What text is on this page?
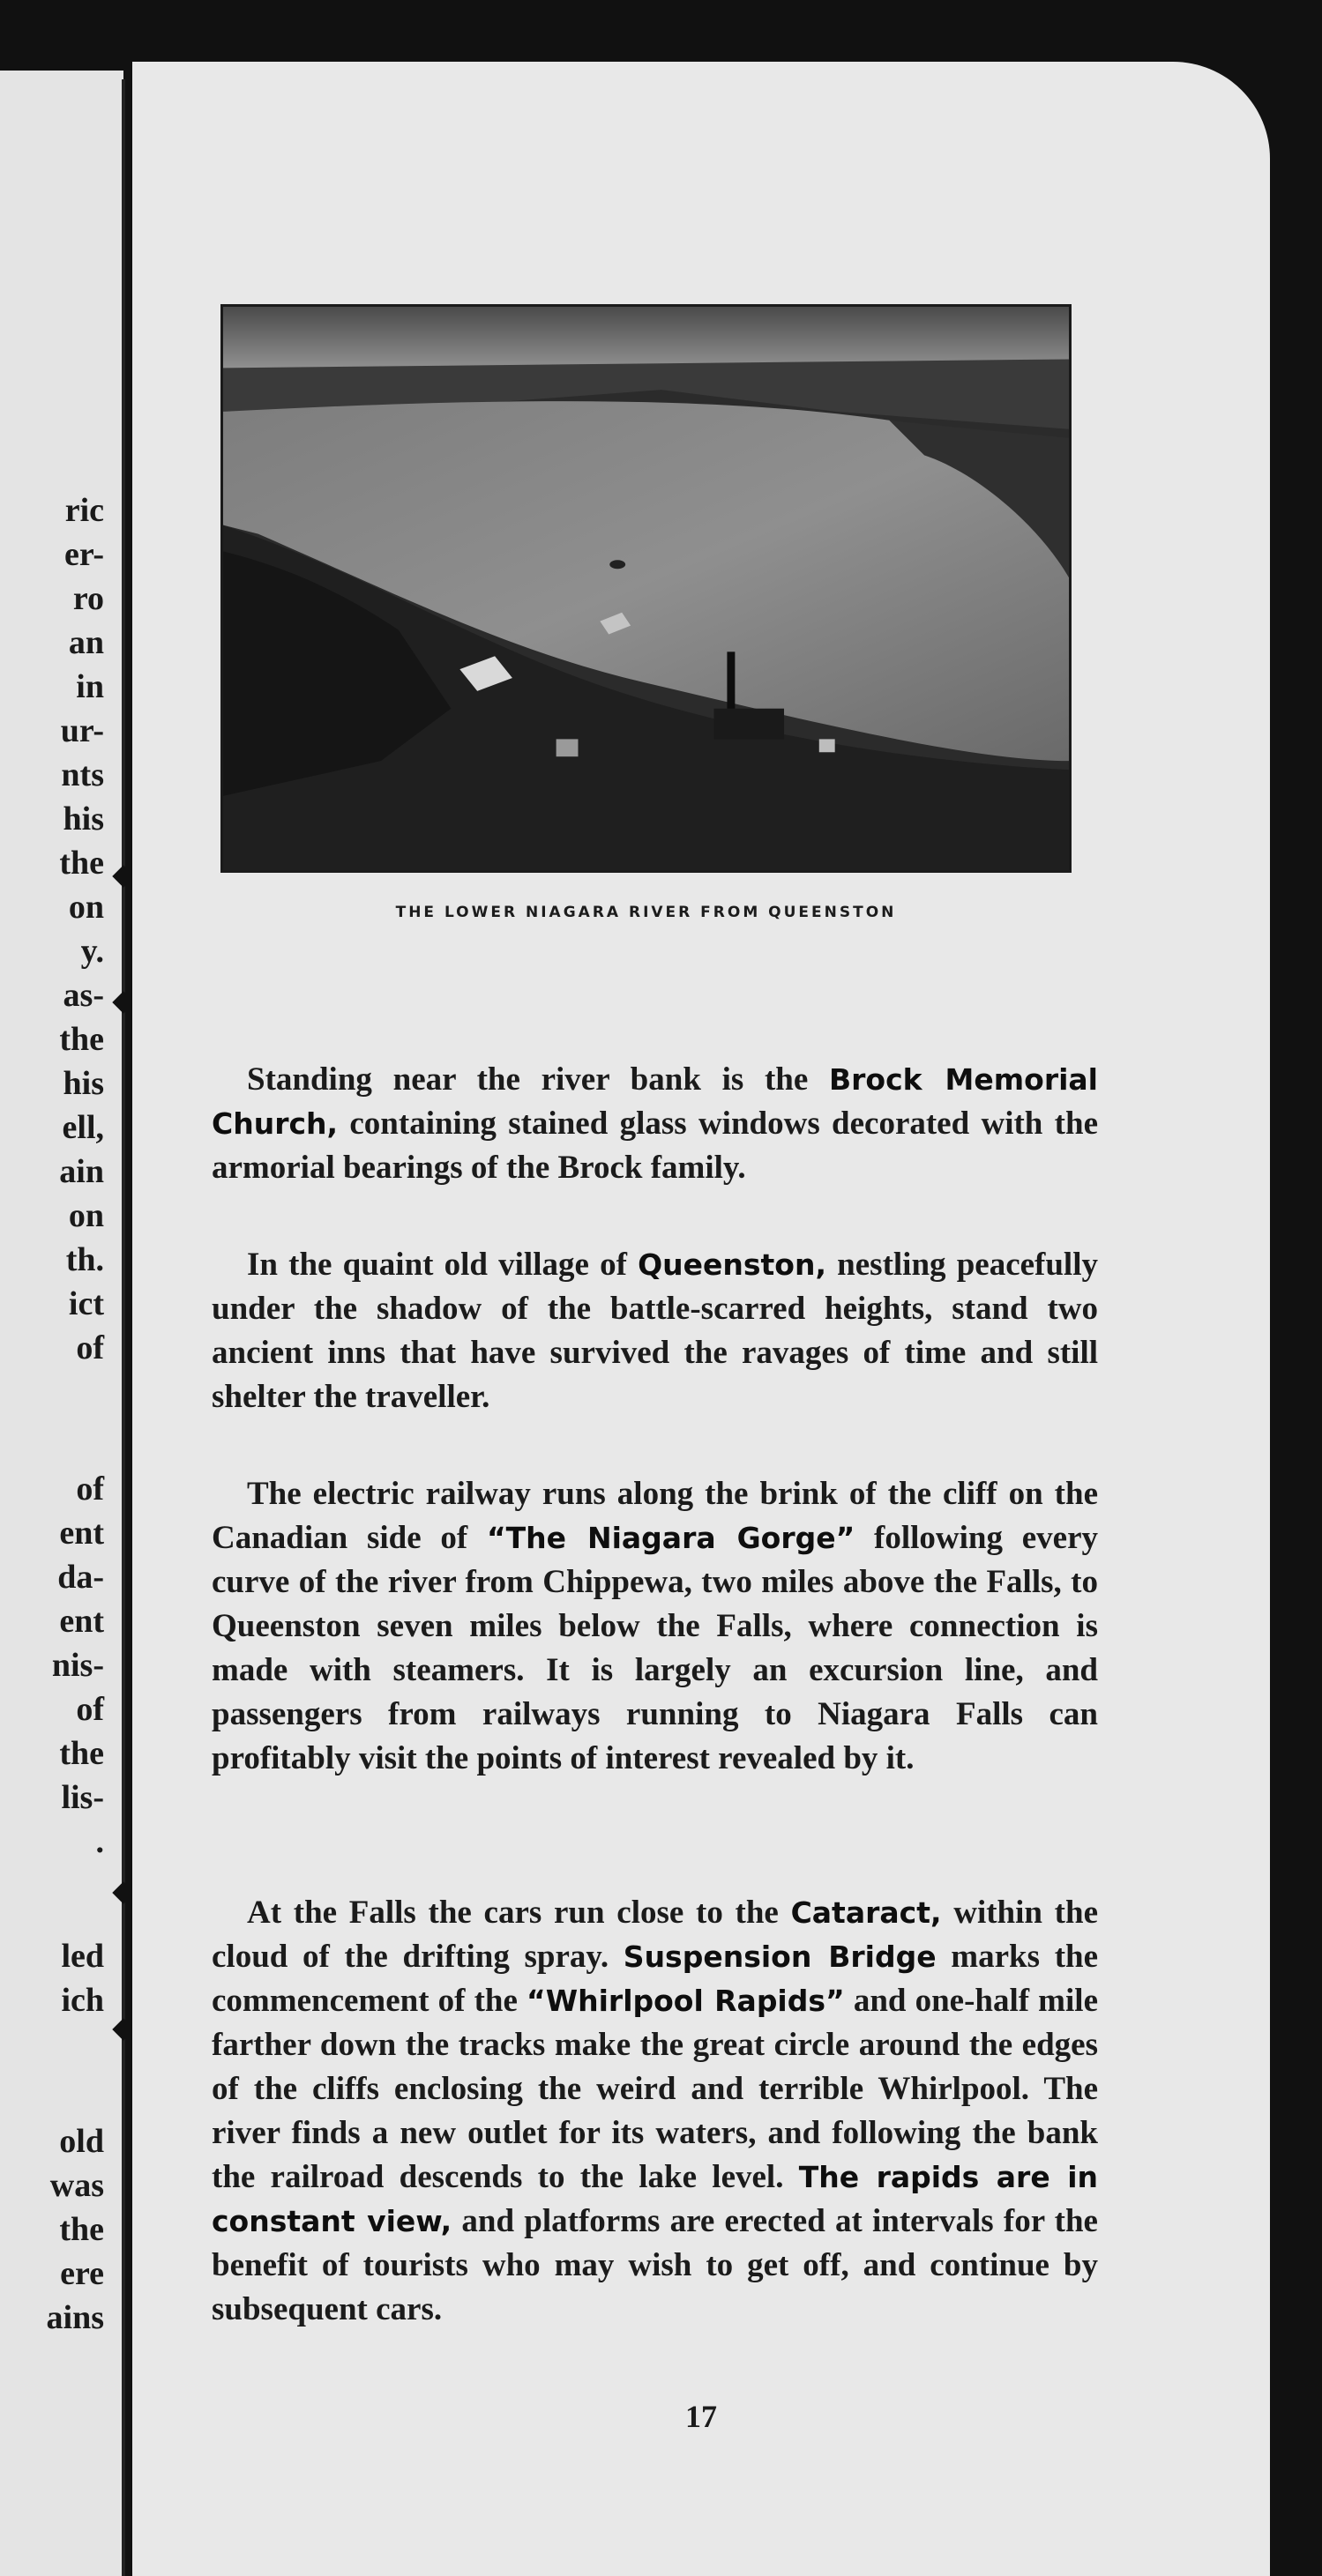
ric

er-

ro

an

in

ur-

nts

his

the

on

y.

as-

the

his

ell,

ain

on

th.

ict

of

of

ent

da-

ent

nis-

of

the

lis-

.

led

ich

old

was

the

ere

ains

THE LOWER NIAGARA RIVER FROM QUEENSTON

Standing near the river bank is the Brock Memorial Church, containing stained glass windows decorated with the armorial bearings of the Brock family.

In the quaint old village of Queenston, nestling peacefully under the shadow of the battle-scarred heights, stand two ancient inns that have survived the ravages of time and still shelter the traveller.

The electric railway runs along the brink of the cliff on the Canadian side of “The Niagara Gorge” following every curve of the river from Chippewa, two miles above the Falls, to Queenston seven miles below the Falls, where connection is made with steamers. It is largely an excursion line, and passengers from railways running to Niagara Falls can profitably visit the points of interest revealed by it.

At the Falls the cars run close to the Cataract, within the cloud of the drifting spray. Suspension Bridge marks the commencement of the “Whirlpool Rapids” and one-half mile farther down the tracks make the great circle around the edges of the cliffs enclosing the weird and terrible Whirlpool. The river finds a new outlet for its waters, and following the bank the railroad descends to the lake level. The rapids are in constant view, and platforms are erected at intervals for the benefit of tourists who may wish to get off, and continue by subsequent cars.

17
